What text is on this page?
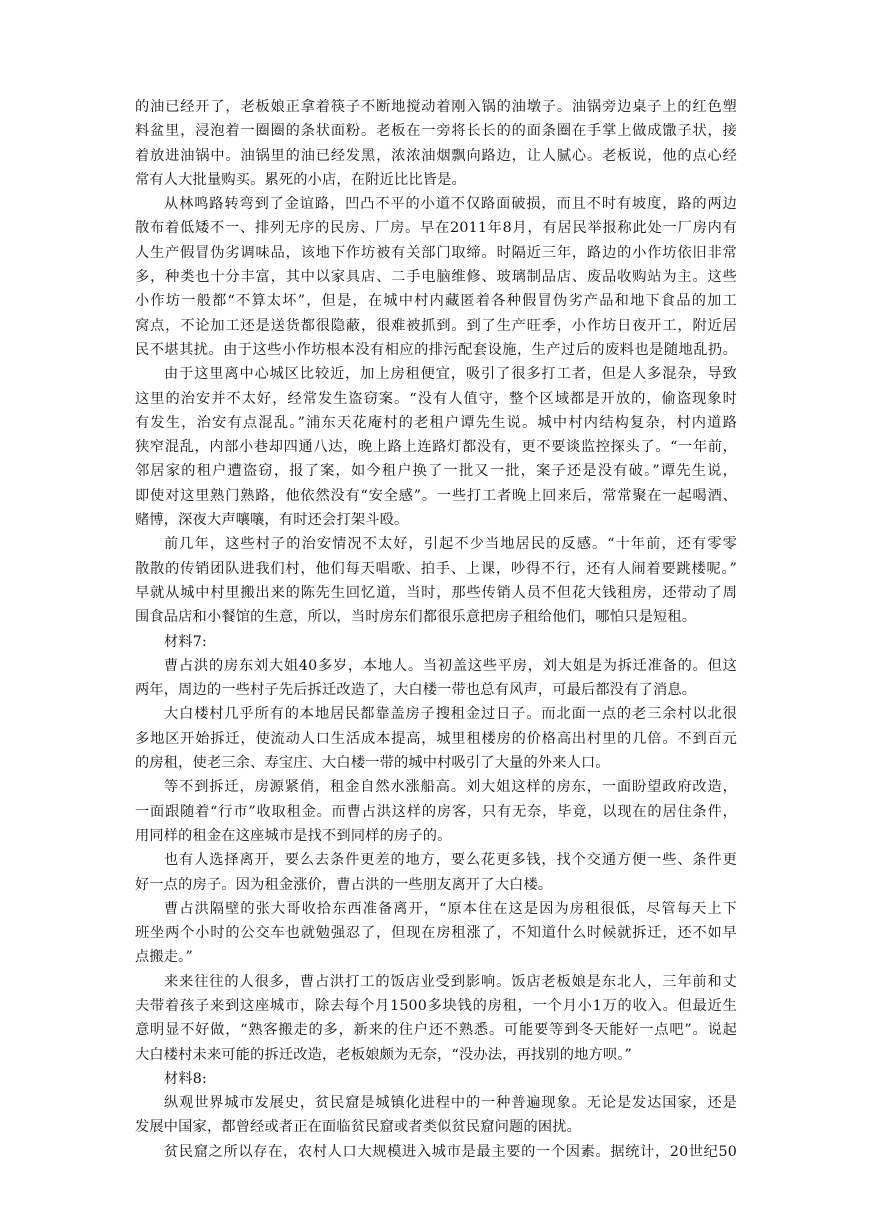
的油已经开了，老板娘正拿着筷子不断地搅动着刚入锅的油墩子。油锅旁边桌子上的红色塑
料盆里，浸泡着一圈圈的条状面粉。老板在一旁将长长的的面条圈在手掌上做成馓子状，接
着放进油锅中。油锅里的油已经发黑，浓浓油烟飘向路边，让人腻心。老板说，他的点心经
常有人大批量购买。累死的小店，在附近比比皆是。
从林鸣路转弯到了金谊路，凹凸不平的小道不仅路面破损，而且不时有坡度，路的两边
散布着低矮不一、排列无序的民房、厂房。早在2011年8月，有居民举报称此处一厂房内有
人生产假冒伪劣调味品，该地下作坊被有关部门取缔。时隔近三年，路边的小作坊依旧非常
多，种类也十分丰富，其中以家具店、二手电脑维修、玻璃制品店、废品收购站为主。这些
小作坊一般都“不算太坏”，但是，在城中村内藏匿着各种假冒伪劣产品和地下食品的加工
窝点，不论加工还是送货都很隐蔽，很难被抓到。到了生产旺季，小作坊日夜开工，附近居
民不堪其扰。由于这些小作坊根本没有相应的排污配套设施，生产过后的废料也是随地乱扔。
由于这里离中心城区比较近，加上房租便宜，吸引了很多打工者，但是人多混杂，导致
这里的治安并不太好，经常发生盗窃案。“没有人值守，整个区域都是开放的，偷盗现象时
有发生，治安有点混乱。”浦东天花庵村的老租户谭先生说。城中村内结构复杂，村内道路
狭窄混乱，内部小巷却四通八达，晚上路上连路灯都没有，更不要谈监控探头了。“一年前，
邻居家的租户遭盗窃，报了案，如今租户换了一批又一批，案子还是没有破。”谭先生说，
即使对这里熟门熟路，他依然没有“安全感”。一些打工者晚上回来后，常常聚在一起喝酒、
赌博，深夜大声嚷嚷，有时还会打架斗殴。
前几年，这些村子的治安情况不太好，引起不少当地居民的反感。“十年前，还有零零
散散的传销团队进我们村，他们每天唱歌、拍手、上课，吵得不行，还有人闹着要跳楼呢。”
早就从城中村里搬出来的陈先生回忆道，当时，那些传销人员不但花大钱租房，还带动了周
围食品店和小餐馆的生意，所以，当时房东们都很乐意把房子租给他们，哪怕只是短租。
材料7:
曹占洪的房东刘大姐40多岁，本地人。当初盖这些平房，刘大姐是为拆迁准备的。但这
两年，周边的一些村子先后拆迁改造了，大白楼一带也总有风声，可最后都没有了消息。
大白楼村几乎所有的本地居民都靠盖房子搜租金过日子。而北面一点的老三余村以北很
多地区开始拆迁，使流动人口生活成本提高，城里租楼房的价格高出村里的几倍。不到百元
的房租，使老三余、寿宝庄、大白楼一带的城中村吸引了大量的外来人口。
等不到拆迁，房源紧俏，租金自然水涨船高。刘大姐这样的房东，一面盼望政府改造，
一面跟随着“行市”收取租金。而曹占洪这样的房客，只有无奈，毕竟，以现在的居住条件，
用同样的租金在这座城市是找不到同样的房子的。
也有人选择离开，要么去条件更差的地方，要么花更多钱，找个交通方便一些、条件更
好一点的房子。因为租金涨价，曹占洪的一些朋友离开了大白楼。
曹占洪隔壁的张大哥收拾东西准备离开，“原本住在这是因为房租很低，尽管每天上下
班坐两个小时的公交车也就勉强忍了，但现在房租涨了，不知道什么时候就拆迁，还不如早
点搬走。”
来来往往的人很多，曹占洪打工的饭店业受到影响。饭店老板娘是东北人，三年前和丈
夫带着孩子来到这座城市，除去每个月1500多块钱的房租，一个月小1万的收入。但最近生
意明显不好做，“熟客搬走的多，新来的住户还不熟悉。可能要等到冬天能好一点吧”。说起
大白楼村未来可能的拆迁改造，老板娘颇为无奈，“没办法，再找别的地方呗。”
材料8:
纵观世界城市发展史，贫民窟是城镇化进程中的一种普遍现象。无论是发达国家，还是
发展中国家，都曾经或者正在面临贫民窟或者类似贫民窟问题的困扰。
贫民窟之所以存在，农村人口大规模进入城市是最主要的一个因素。据统计，20世纪50
